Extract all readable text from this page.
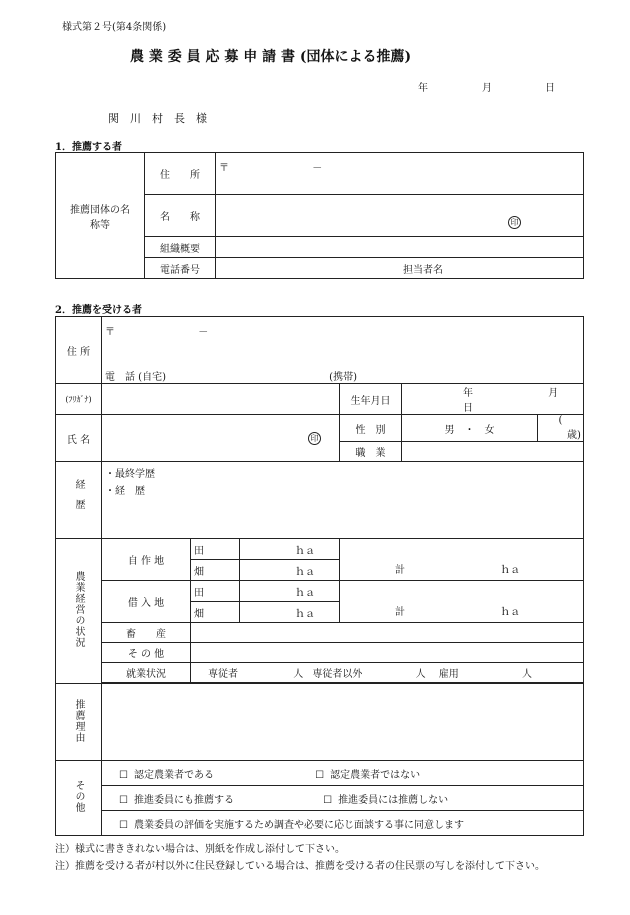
様式第２号(第4条関係)
農 業 委 員 応 募 申 請 書 (団体による推薦)
年	月	日
関　川　村　長　様
1．推薦する者
推薦団体の名称等	住　　所	〒 －
	名　　称	印
	組織概要	
	電話番号	担当者名
2．推薦を受ける者
住 所	〒 －
電　話 (自宅) (携帯)					

(ﾌﾘｶﾞﾅ)				生年月日	年 月 日	
氏 名	印			性　別	男　・　女	( 歳)
				職　業		
経歴	・最終学歴
・経　歴					

農業経営の状況	自 作 地	田	ｈａ	計 ｈａ		
		畑	ｈａ			
	借 入 地	田	ｈａ	計 ｈａ		
		畑	ｈａ			
	畜　　産					
	そ の 他					
	就業状況	専従者 人 専従者以外 人 雇用 人				

推薦理由						
その他	☐ 認定農業者である ☐ 認定農業者ではない					
	☐ 推進委員にも推薦する ☐ 推進委員には推薦しない					
	☐ 農業委員の評価を実施するため調査や必要に応じ面談する事に同意します					
注）様式に書ききれない場合は、別紙を作成し添付して下さい。
注）推薦を受ける者が村以外に住民登録している場合は、推薦を受ける者の住民票の写しを添付して下さい。
